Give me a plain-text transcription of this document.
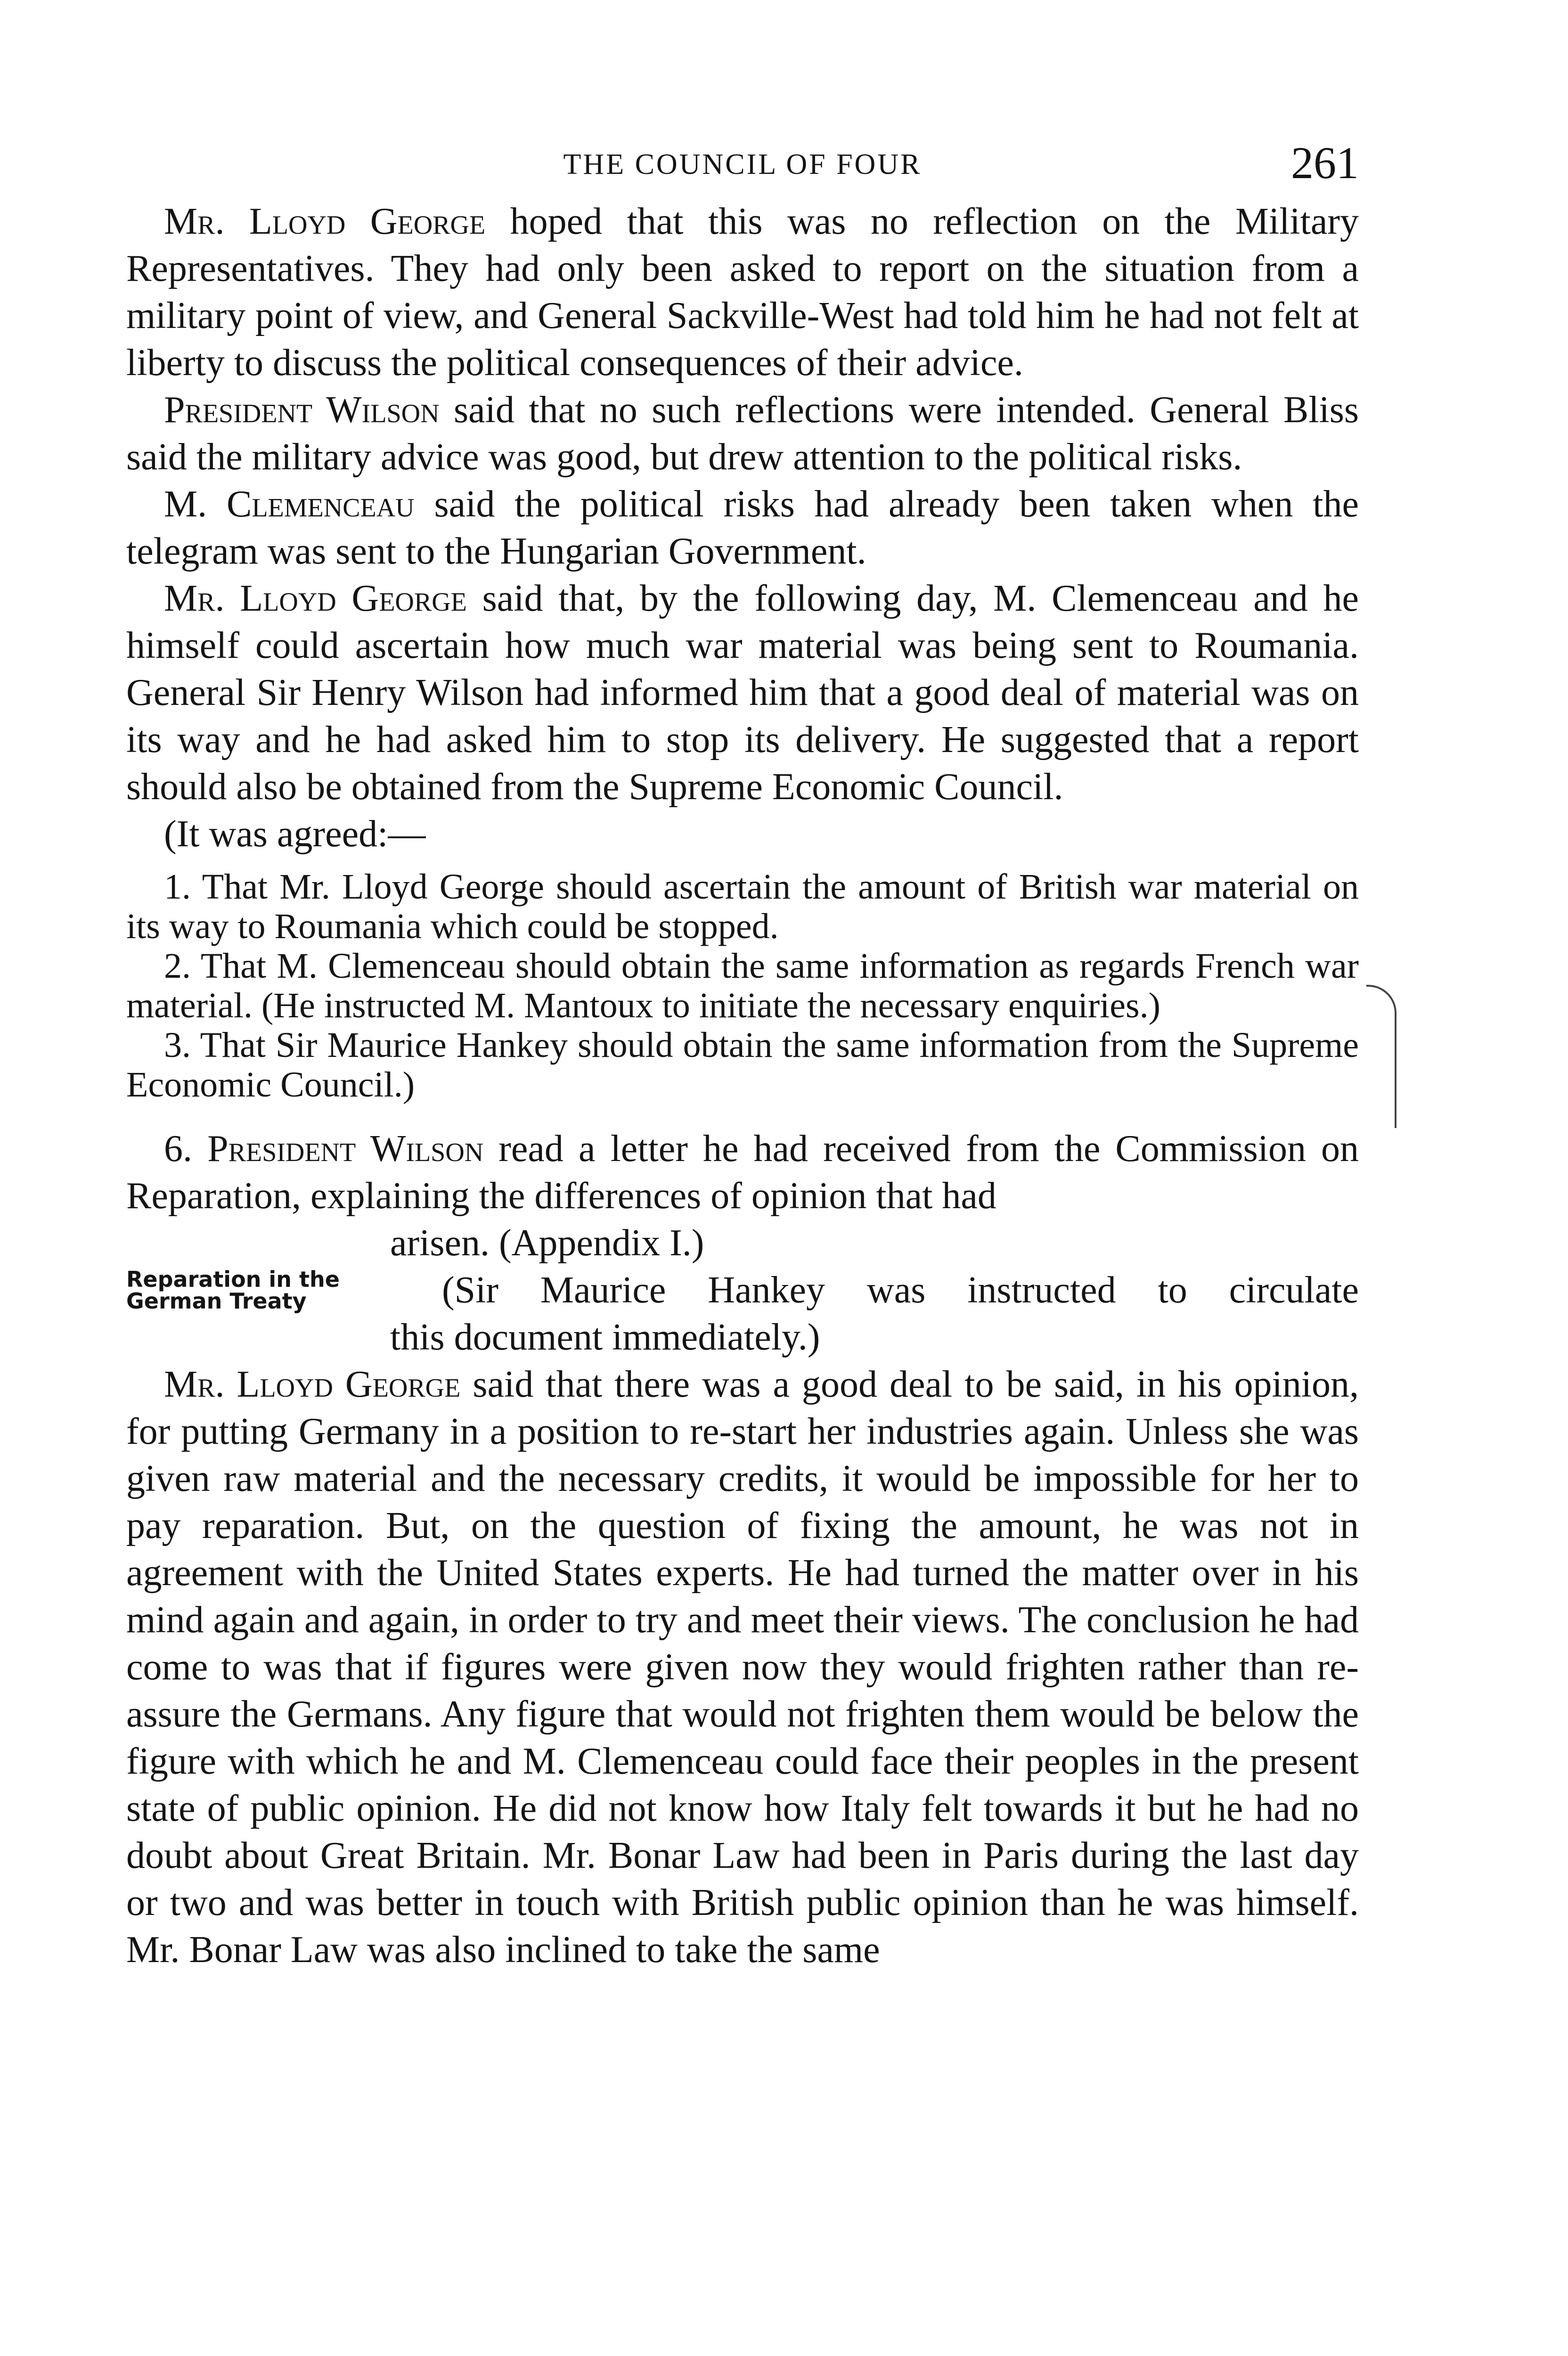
THE COUNCIL OF FOUR	261

Mr. Lloyd George hoped that this was no reflection on the Military Representatives. They had only been asked to report on the situation from a military point of view, and General Sackville-West had told him he had not felt at liberty to discuss the political consequences of their advice.

President Wilson said that no such reflections were intended. General Bliss said the military advice was good, but drew attention to the political risks.

M. Clemenceau said the political risks had already been taken when the telegram was sent to the Hungarian Government.

Mr. Lloyd George said that, by the following day, M. Clemenceau and he himself could ascertain how much war material was being sent to Roumania. General Sir Henry Wilson had informed him that a good deal of material was on its way and he had asked him to stop its delivery. He suggested that a report should also be obtained from the Supreme Economic Council.

(It was agreed:—

1. That Mr. Lloyd George should ascertain the amount of British war material on its way to Roumania which could be stopped.

2. That M. Clemenceau should obtain the same information as regards French war material. (He instructed M. Mantoux to initiate the necessary enquiries.)

3. That Sir Maurice Hankey should obtain the same information from the Supreme Economic Council.)

6. President Wilson read a letter he had received from the Commission on Reparation, explaining the differences of opinion that had

arisen. (Appendix I.)

Reparation in the German Treaty	(Sir Maurice Hankey was instructed to circulate

this document immediately.)

Mr. Lloyd George said that there was a good deal to be said, in his opinion, for putting Germany in a position to re-start her industries again. Unless she was given raw material and the necessary credits, it would be impossible for her to pay reparation. But, on the question of fixing the amount, he was not in agreement with the United States experts. He had turned the matter over in his mind again and again, in order to try and meet their views. The conclusion he had come to was that if figures were given now they would frighten rather than re-assure the Germans. Any figure that would not frighten them would be below the figure with which he and M. Clemenceau could face their peoples in the present state of public opinion. He did not know how Italy felt towards it but he had no doubt about Great Britain. Mr. Bonar Law had been in Paris during the last day or two and was better in touch with British public opinion than he was himself. Mr. Bonar Law was also inclined to take the same
